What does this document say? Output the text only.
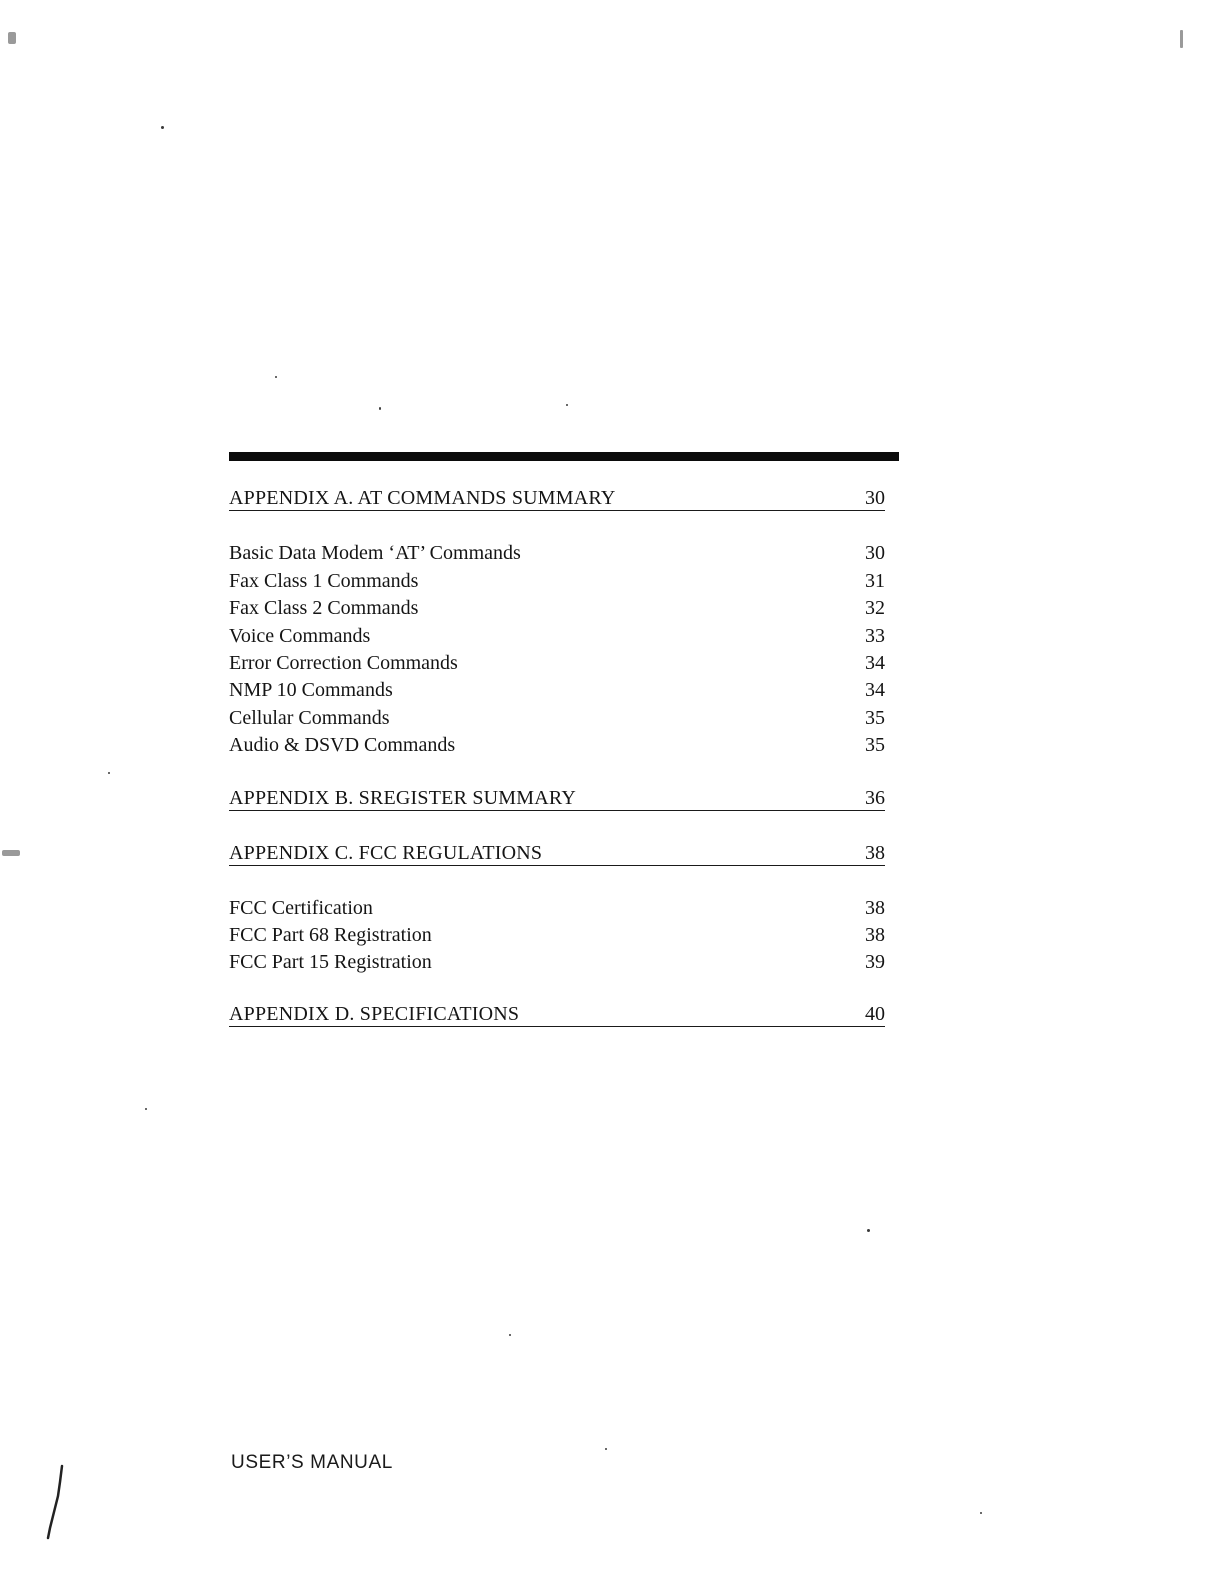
APPENDIX A. AT COMMANDS SUMMARY	30
Basic Data Modem ‘AT’ Commands	30
Fax Class 1 Commands	31
Fax Class 2 Commands	32
Voice Commands	33
Error Correction Commands	34
NMP 10 Commands	34
Cellular Commands	35
Audio & DSVD Commands	35
APPENDIX B. SREGISTER SUMMARY	36
APPENDIX C. FCC REGULATIONS	38
FCC Certification	38
FCC Part 68 Registration	38
FCC Part 15 Registration	39
APPENDIX D. SPECIFICATIONS	40
USER’S MANUAL
